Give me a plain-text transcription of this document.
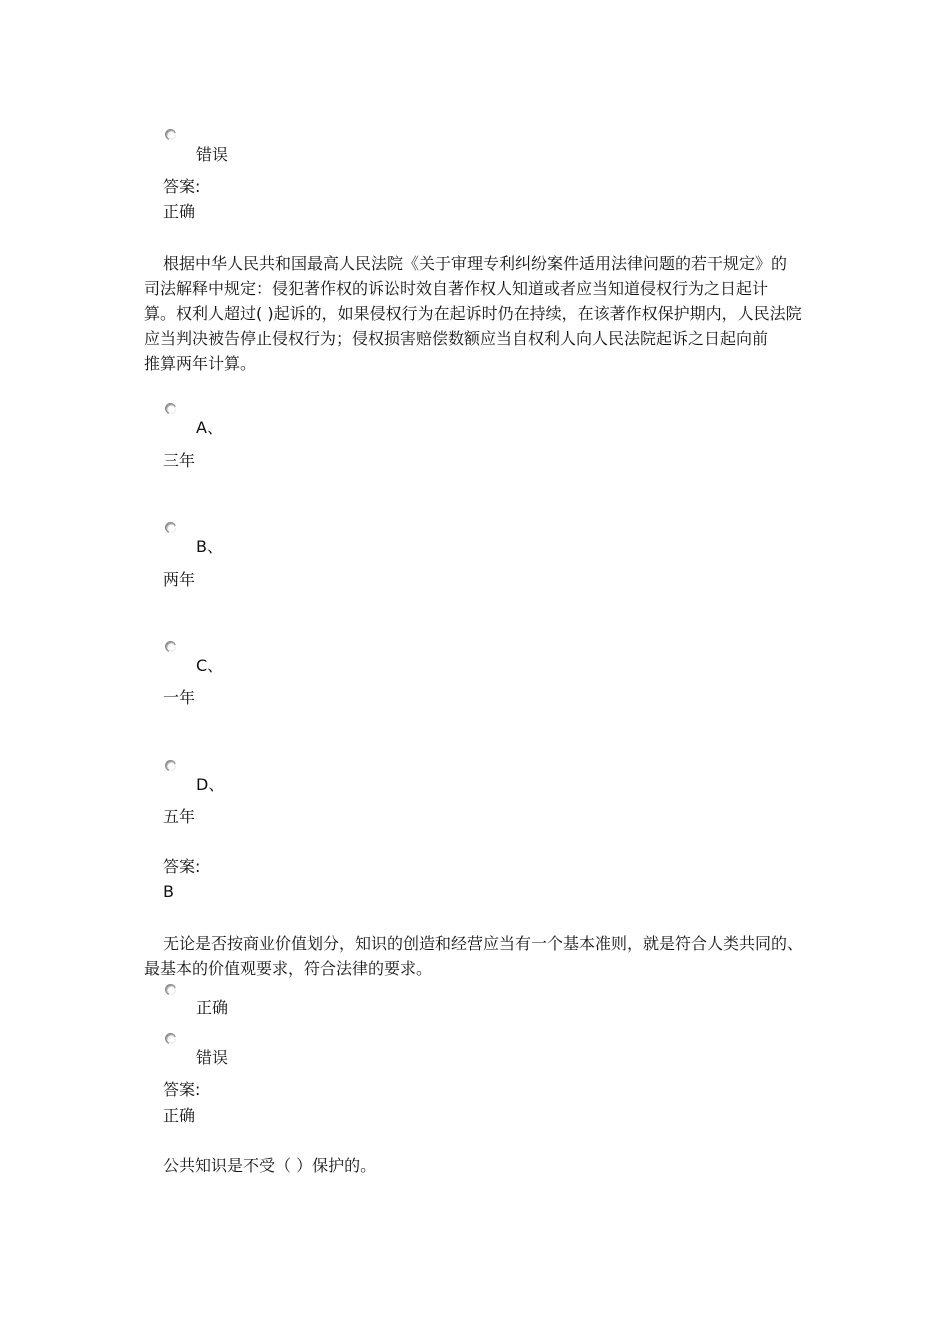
错误
答案:
正确
根据中华人民共和国最高人民法院《关于审理专利纠纷案件适用法律问题的若干规定》的
司法解释中规定：侵犯著作权的诉讼时效自著作权人知道或者应当知道侵权行为之日起计
算。权利人超过( )起诉的，如果侵权行为在起诉时仍在持续，在该著作权保护期内，人民法院
应当判决被告停止侵权行为；侵权损害赔偿数额应当自权利人向人民法院起诉之日起向前
推算两年计算。
A、
三年
B、
两年
C、
一年
D、
五年
答案:
B
无论是否按商业价值划分，知识的创造和经营应当有一个基本准则，就是符合人类共同的、
最基本的价值观要求，符合法律的要求。
正确
错误
答案:
正确
公共知识是不受（ ）保护的。
